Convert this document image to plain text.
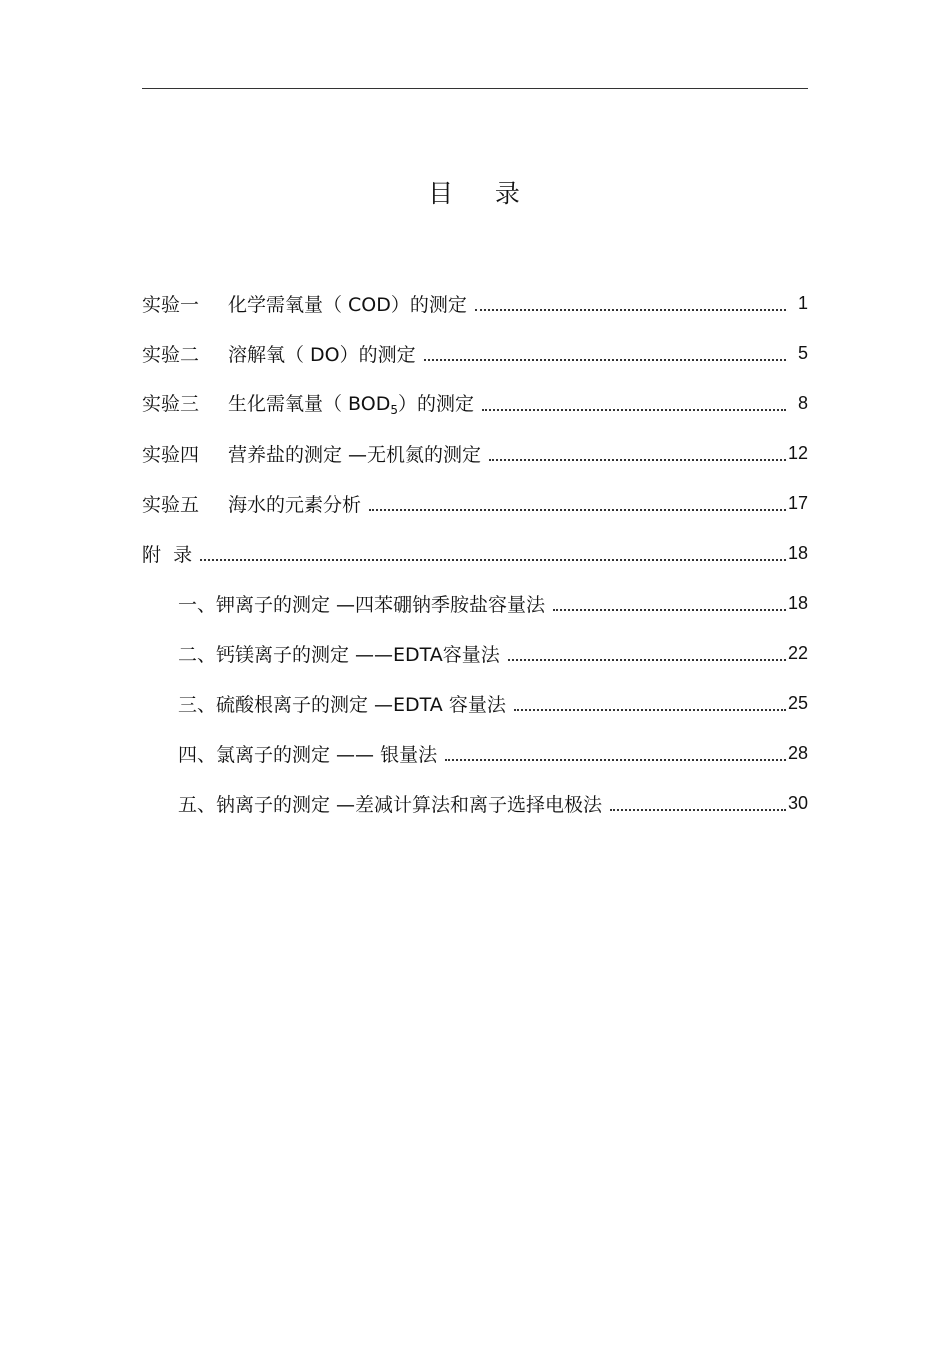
目    录
实验一 化学需氧量（ COD）的测定	1
实验二 溶解氧（ DO）的测定	5
实验三 生化需氧量（ $BOD_5$）的测定	8
实验四 营养盐的测定 —无机氮的测定	12
实验五 海水的元素分析	17
附  录	18
一、钾离子的测定 —四苯硼钠季胺盐容量法	18
二、钙镁离子的测定 ——EDTA容量法	22
三、硫酸根离子的测定 —EDTA 容量法	25
四、氯离子的测定 —— 银量法	28
五、钠离子的测定 —差减计算法和离子选择电极法	30
